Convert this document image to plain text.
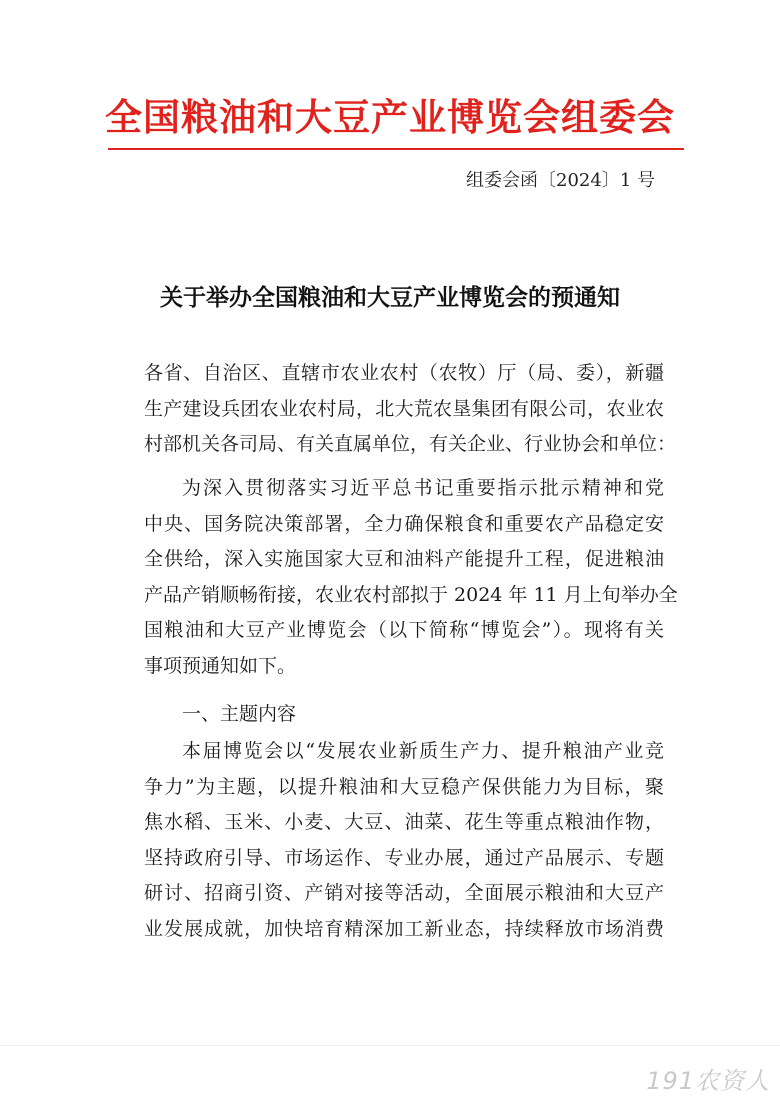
全国粮油和大豆产业博览会组委会
组委会函〔2024〕1 号
关于举办全国粮油和大豆产业博览会的预通知
各省、自治区、直辖市农业农村（农牧）厅（局、委），新疆
生产建设兵团农业农村局，北大荒农垦集团有限公司，农业农
村部机关各司局、有关直属单位，有关企业、行业协会和单位：
为深入贯彻落实习近平总书记重要指示批示精神和党
中央、国务院决策部署，全力确保粮食和重要农产品稳定安
全供给，深入实施国家大豆和油料产能提升工程，促进粮油
产品产销顺畅衔接，农业农村部拟于 2024 年 11 月上旬举办全
国粮油和大豆产业博览会（以下简称“博览会”）。现将有关
事项预通知如下。
一、主题内容
本届博览会以“发展农业新质生产力、提升粮油产业竞
争力”为主题，以提升粮油和大豆稳产保供能力为目标，聚
焦水稻、玉米、小麦、大豆、油菜、花生等重点粮油作物，
坚持政府引导、市场运作、专业办展，通过产品展示、专题
研讨、招商引资、产销对接等活动，全面展示粮油和大豆产
业发展成就，加快培育精深加工新业态，持续释放市场消费
191农资人
